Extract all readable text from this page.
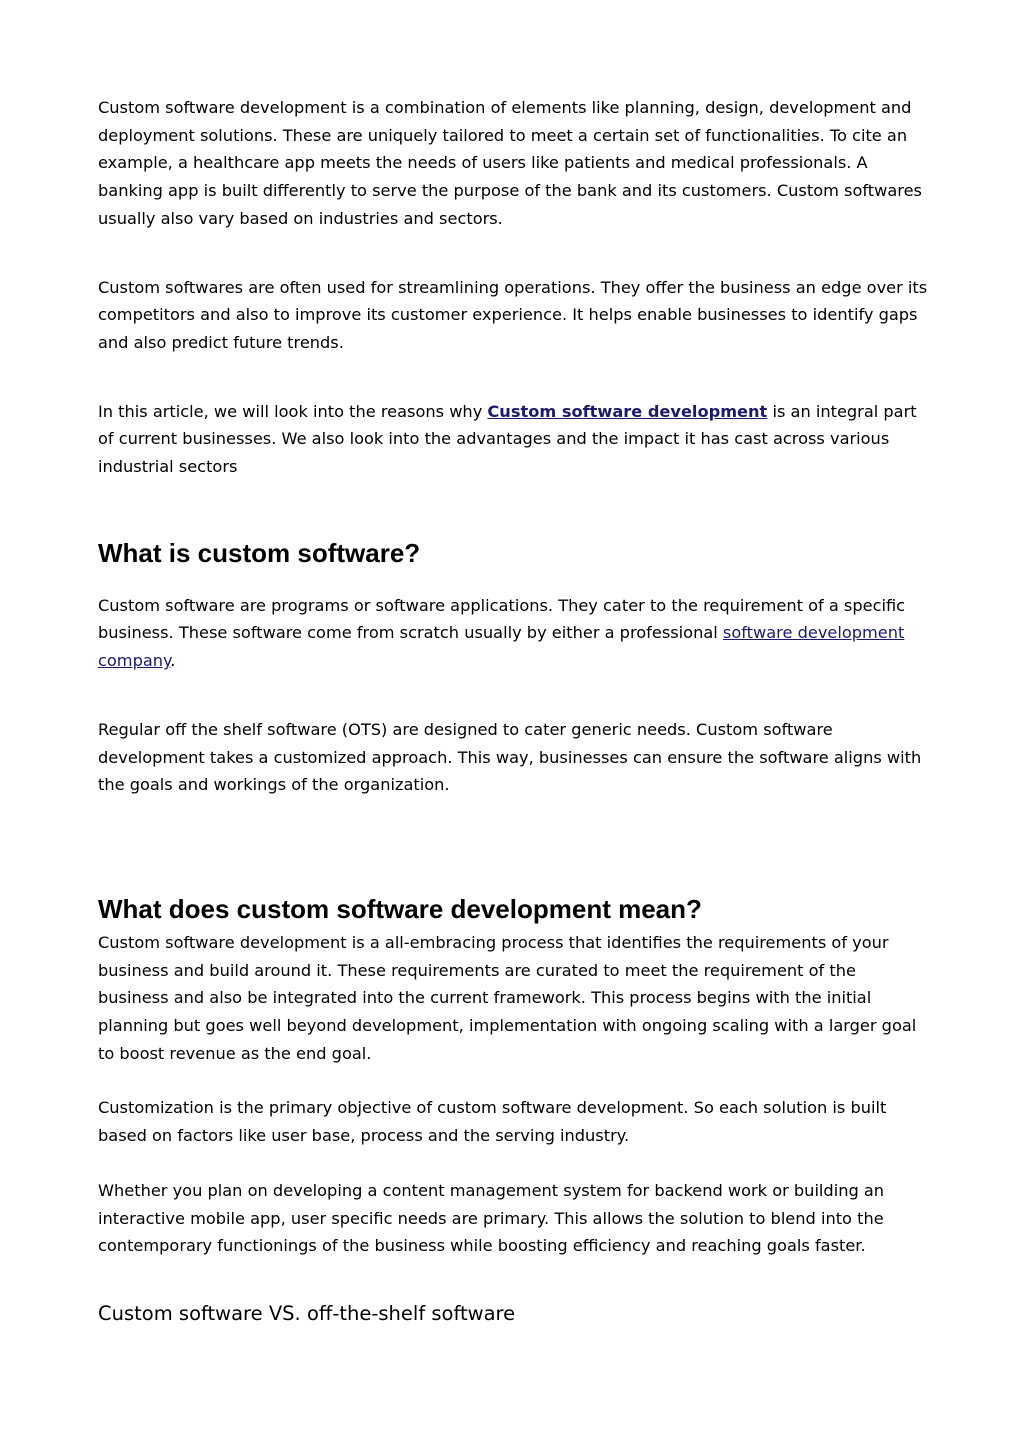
Custom software development is a combination of elements like planning, design, development and deployment solutions. These are uniquely tailored to meet a certain set of functionalities. To cite an example, a healthcare app meets the needs of users like patients and medical professionals. A banking app is built differently to serve the purpose of the bank and its customers. Custom softwares usually also vary based on industries and sectors.

Custom softwares are often used for streamlining operations. They offer the business an edge over its competitors and also to improve its customer experience. It helps enable businesses to identify gaps and also predict future trends.

In this article, we will look into the reasons why Custom software development is an integral part of current businesses. We also look into the advantages and the impact it has cast across various industrial sectors

What is custom software?

Custom software are programs or software applications. They cater to the requirement of a specific business. These software come from scratch usually by either a professional software development company.

Regular off the shelf software (OTS) are designed to cater generic needs. Custom software development takes a customized approach. This way, businesses can ensure the software aligns with the goals and workings of the organization.

What does custom software development mean?

Custom software development is a all-embracing process that identifies the requirements of your business and build around it. These requirements are curated to meet the requirement of the business and also be integrated into the current framework. This process begins with the initial planning but goes well beyond development, implementation with ongoing scaling with a larger goal to boost revenue as the end goal.

Customization is the primary objective of custom software development. So each solution is built based on factors like user base, process and the serving industry.

Whether you plan on developing a content management system for backend work or building an interactive mobile app, user specific needs are primary. This allows the solution to blend into the contemporary functionings of the business while boosting efficiency and reaching goals faster.

Custom software VS. off-the-shelf software
